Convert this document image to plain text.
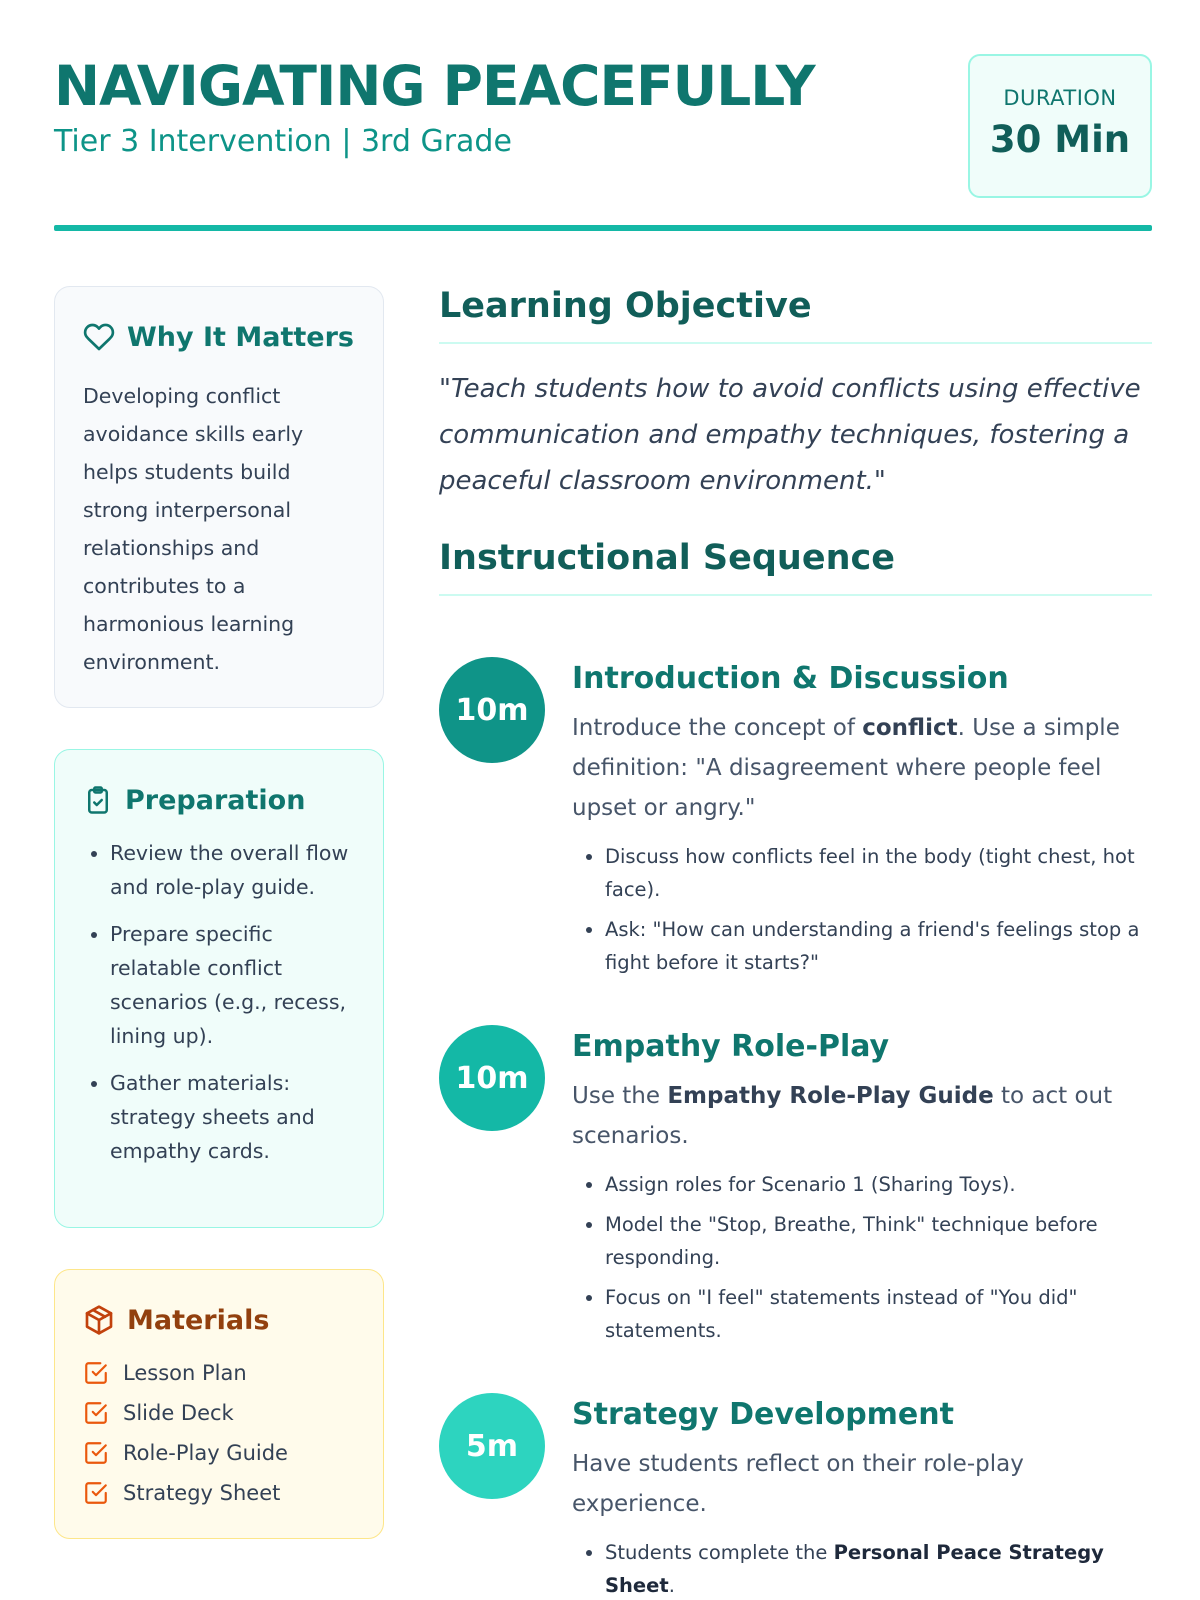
NAVIGATING PEACEFULLY
Tier 3 Intervention | 3rd Grade
DURATION
30 Min
Why It Matters

Developing conflict avoidance skills early helps students build strong interpersonal relationships and contributes to a harmonious learning environment.

Preparation
• Review the overall flow and role-play guide.
• Prepare specific relatable conflict scenarios (e.g., recess, lining up).
• Gather materials: strategy sheets and empathy cards.
Materials
Lesson Plan
Slide Deck
Role-Play Guide
Strategy Sheet
Learning Objective

"Teach students how to avoid conflicts using effective communication and empathy techniques, fostering a peaceful classroom environment."

Instructional Sequence
10m
Introduction & Discussion

Introduce the concept of conflict. Use a simple definition: "A disagreement where people feel upset or angry."

• Discuss how conflicts feel in the body (tight chest, hot face).
• Ask: "How can understanding a friend's feelings stop a fight before it starts?"
10m
Empathy Role-Play

Use the Empathy Role-Play Guide to act out scenarios.

• Assign roles for Scenario 1 (Sharing Toys).
• Model the "Stop, Breathe, Think" technique before responding.
• Focus on "I feel" statements instead of "You did" statements.
5m
Strategy Development

Have students reflect on their role-play experience.

• Students complete the Personal Peace Strategy Sheet.
